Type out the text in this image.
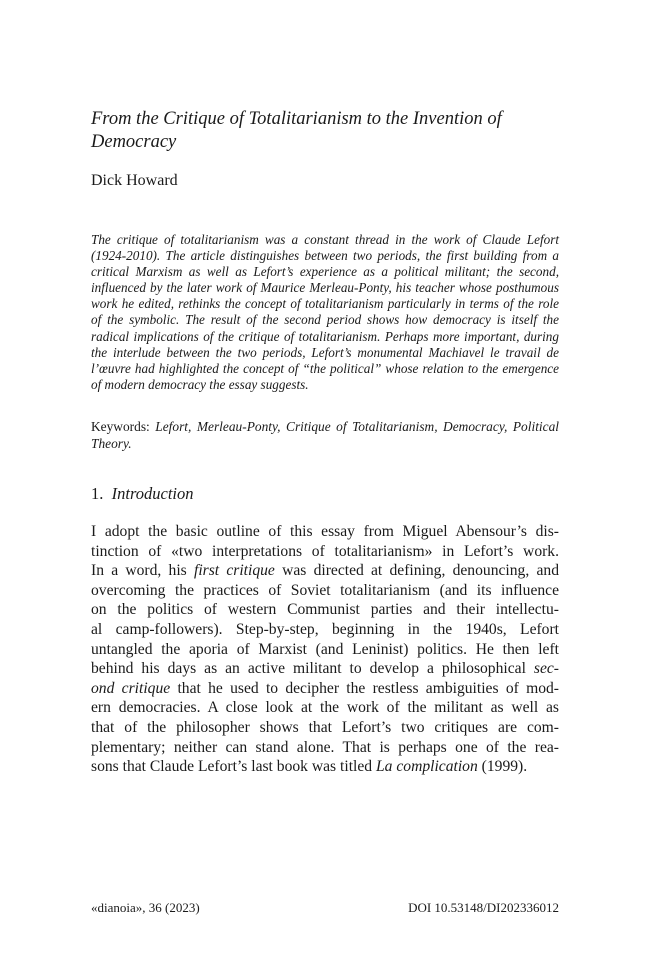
From the Critique of Totalitarianism to the Invention of Democracy

Dick Howard

The critique of totalitarianism was a constant thread in the work of Claude Lefort (1924-2010). The article distinguishes between two periods, the first building from a critical Marxism as well as Lefort’s experience as a political militant; the second, influenced by the later work of Maurice Merleau-Ponty, his teacher whose posthumous work he edited, rethinks the concept of totalitarianism particularly in terms of the role of the symbolic. The result of the second period shows how democracy is itself the radical implications of the critique of totalitarianism. Perhaps more important, during the interlude between the two periods, Lefort’s monumental Machiavel le travail de l’œuvre had highlighted the concept of “the political” whose relation to the emergence of modern democracy the essay suggests.

Keywords: Lefort, Merleau-Ponty, Critique of Totalitarianism, Democracy, Political Theory.

1. Introduction
I adopt the basic outline of this essay from Miguel Abensour’s dis-
tinction of «two interpretations of totalitarianism» in Lefort’s work.
In a word, his first critique was directed at defining, denouncing, and
overcoming the practices of Soviet totalitarianism (and its influence
on the politics of western Communist parties and their intellectu-
al camp-followers). Step-by-step, beginning in the 1940s, Lefort
untangled the aporia of Marxist (and Leninist) politics. He then left
behind his days as an active militant to develop a philosophical sec-
ond critique that he used to decipher the restless ambiguities of mod-
ern democracies. A close look at the work of the militant as well as
that of the philosopher shows that Lefort’s two critiques are com-
plementary; neither can stand alone. That is perhaps one of the rea-
sons that Claude Lefort’s last book was titled La complication (1999).
«dianoia», 36 (2023)	DOI 10.53148/DI202336012
